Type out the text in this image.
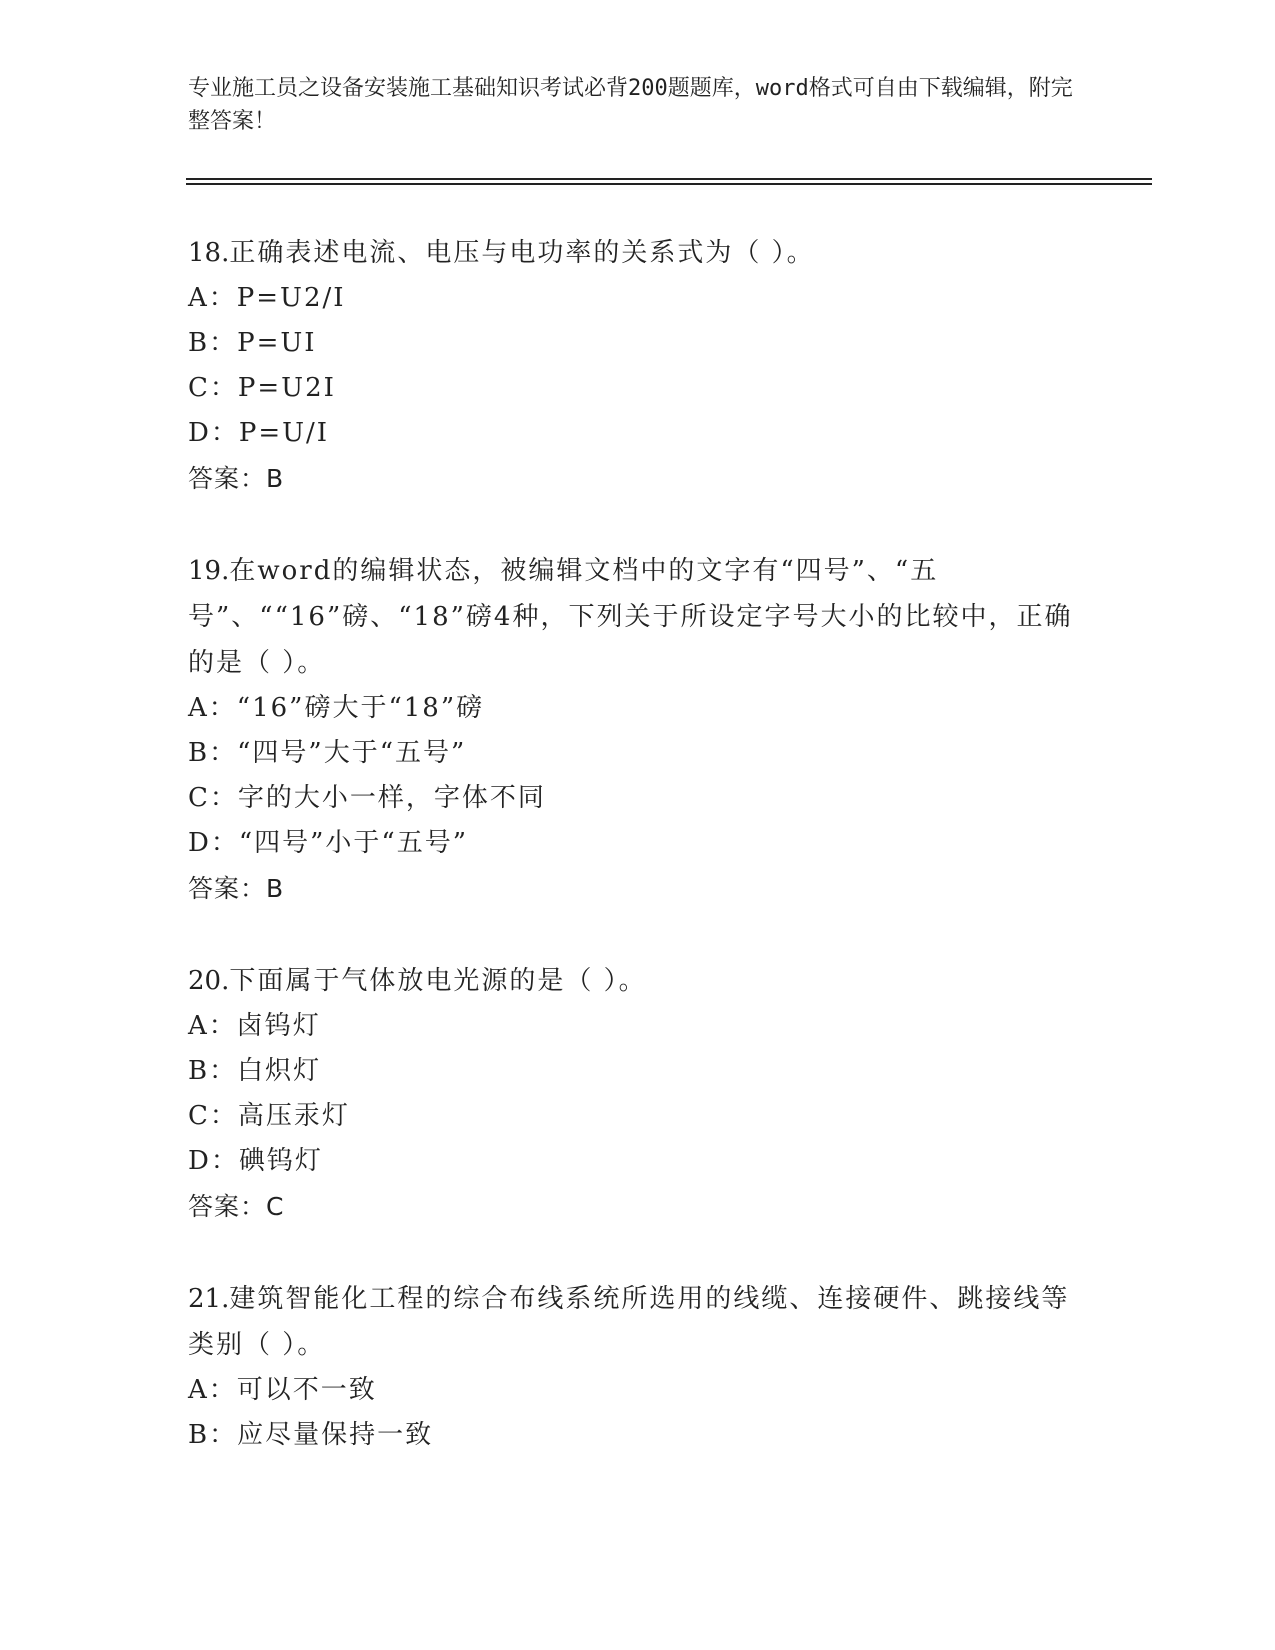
专业施工员之设备安装施工基础知识考试必背200题题库，word格式可自由下载编辑，附完整答案！
18.正确表述电流、电压与电功率的关系式为（ ）。
A：P=U2/I
B：P=UI
C：P=U2I
D：P=U/I
答案：B
19.在word的编辑状态，被编辑文档中的文字有“四号”、“五号”、““16”磅、“18”磅4种，下列关于所设定字号大小的比较中，正确的是（ ）。
A：“16”磅大于“18”磅
B：“四号”大于“五号”
C：字的大小一样，字体不同
D：“四号”小于“五号”
答案：B
20.下面属于气体放电光源的是（ ）。
A：卤钨灯
B：白炽灯
C：高压汞灯
D：碘钨灯
答案：C
21.建筑智能化工程的综合布线系统所选用的线缆、连接硬件、跳接线等类别（ ）。
A：可以不一致
B：应尽量保持一致
